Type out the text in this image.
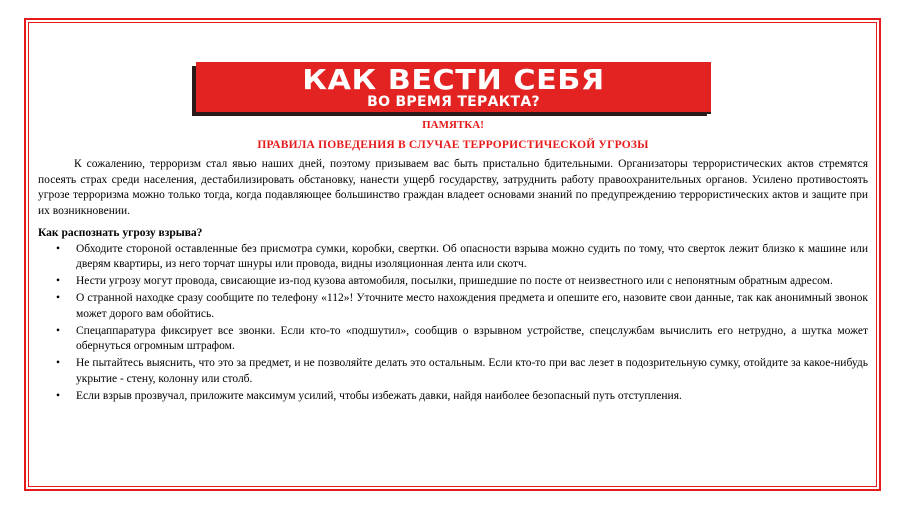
КАК ВЕСТИ СЕБЯ
ВО ВРЕМЯ ТЕРАКТА?
ПАМЯТКА!
ПРАВИЛА ПОВЕДЕНИЯ В СЛУЧАЕ ТЕРРОРИСТИЧЕСКОЙ УГРОЗЫ

К сожалению, терроризм стал явью наших дней, поэтому призываем вас быть пристально бдительными. Организаторы террористических актов стремятся посеять страх среди населения, дестабилизировать обстановку, нанести ущерб государству, затруднить работу правоохранительных органов. Усилено противостоять угрозе терроризма можно только тогда, когда подавляющее большинство граждан владеет основами знаний по предупреждению террористических актов и защите при их возникновении.

Как распознать угрозу взрыва?
• Обходите стороной оставленные без присмотра сумки, коробки, свертки. Об опасности взрыва можно судить по тому, что сверток лежит близко к машине или дверям квартиры, из него торчат шнуры или провода, видны изоляционная лента или скотч.
• Нести угрозу могут провода, свисающие из-под кузова автомобиля, посылки, пришедшие по посте от неизвестного или с непонятным обратным адресом.
• О странной находке сразу сообщите по телефону «112»! Уточните место нахождения предмета и опешите его, назовите свои данные, так как анонимный звонок может дорого вам обойтись.
• Спецаппаратура фиксирует все звонки. Если кто-то «подшутил», сообщив о взрывном устройстве, спецслужбам вычислить его нетрудно, а шутка может обернуться огромным штрафом.
• Не пытайтесь выяснить, что это за предмет, и не позволяйте делать это остальным. Если кто-то при вас лезет в подозрительную сумку, отойдите за какое-нибудь укрытие - стену, колонну или столб.
• Если взрыв прозвучал, приложите максимум усилий, чтобы избежать давки, найдя наиболее безопасный путь отступления.
